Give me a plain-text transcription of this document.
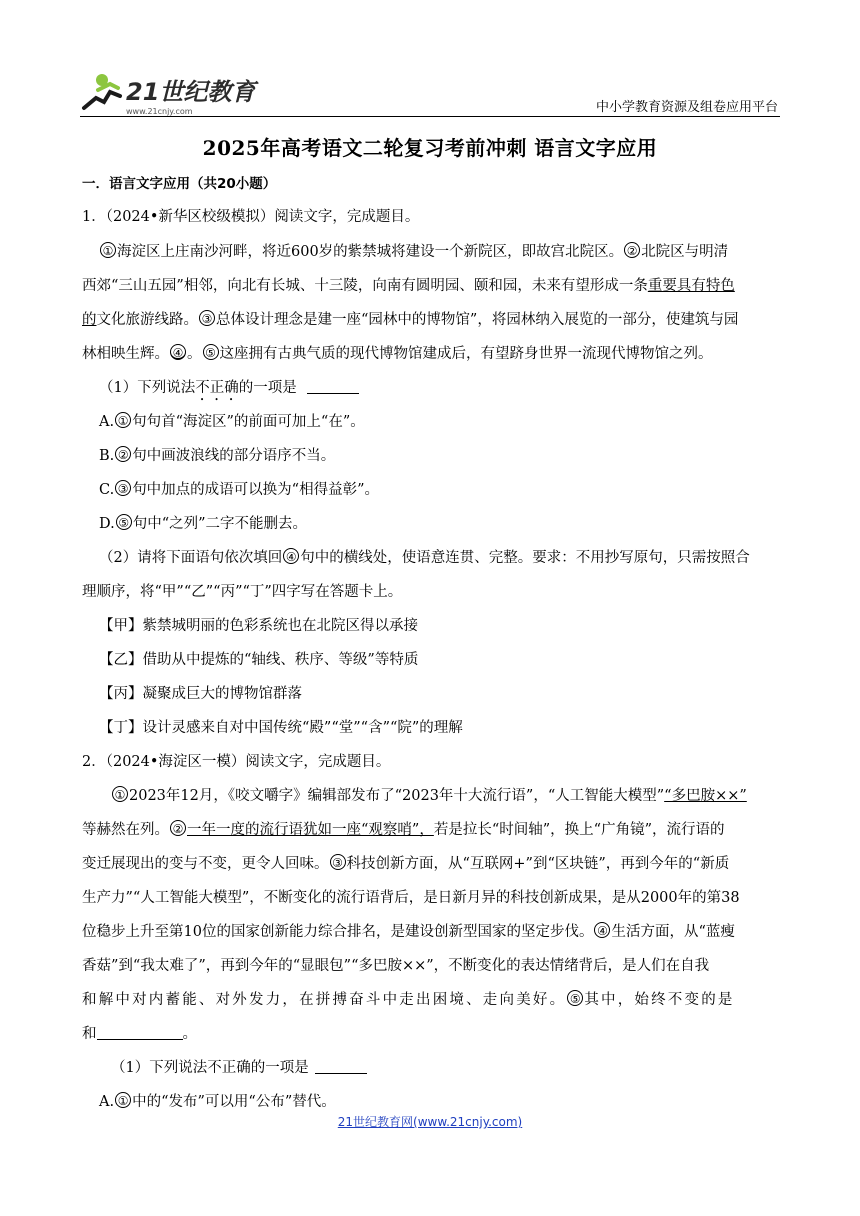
21世纪教育
www.21cnjy.com	中小学教育资源及组卷应用平台
2025年高考语文二轮复习考前冲刺 语言文字应用
一．语言文字应用（共20小题）
1．（2024•新华区校级模拟）阅读文字，完成题目。
① 海淀区上庄南沙河畔，将近600岁的紫禁城将建设一个新院区，即故宫北院区。 ② 北院区与明清
西郊“三山五园”相邻，向北有长城、十三陵，向南有圆明园、颐和园，未来有望形成一条重要具有特色
的文化旅游线路。 ③ 总体设计理念是建一座“园林中的博物馆”，将园林纳入展览的一部分，使建筑与园
林相映生辉。 ④ 。 ⑤ 这座拥有古典气质的现代博物馆建成后，有望跻身世界一流现代博物馆之列。
（1）下列说法不正确的一项是
A. ① 句句首“海淀区”的前面可加上“在”。
B. ② 句中画波浪线的部分语序不当。
C. ③ 句中加点的成语可以换为“相得益彰”。
D. ⑤ 句中“之列”二字不能删去。
（2）请将下面语句依次填回 ④ 句中的横线处，使语意连贯、完整。要求：不用抄写原句，只需按照合
理顺序，将“甲”“乙”“丙”“丁”四字写在答题卡上。
【甲】紫禁城明丽的色彩系统也在北院区得以承接
【乙】借助从中提炼的“轴线、秩序、等级”等特质
【丙】凝聚成巨大的博物馆群落
【丁】设计灵感来自对中国传统“殿”“堂”“含”“院”的理解
2．（2024•海淀区一模）阅读文字，完成题目。
① 2023年12月，《咬文嚼字》编辑部发布了“2023年十大流行语”，“人工智能大模型”“多巴胺××”
等赫然在列。 ② 一年一度的流行语犹如一座“观察哨”，若是拉长“时间轴”，换上“广角镜”，流行语的
变迁展现出的变与不变，更令人回味。 ③ 科技创新方面，从“互联网+”到“区块链”，再到今年的“新质
生产力”“人工智能大模型”，不断变化的流行语背后，是日新月异的科技创新成果，是从2000年的第38
位稳步上升至第10位的国家创新能力综合排名，是建设创新型国家的坚定步伐。 ④ 生活方面，从“蓝瘦
香菇”到“我太难了”，再到今年的“显眼包”“多巴胺××”，不断变化的表达情绪背后，是人们在自我
和解中对内蓄能、对外发力，在拼搏奋斗中走出困境、走向美好。 ⑤ 其中，始终不变的是
和	。
（1）下列说法不正确的一项是
A. ① 中的“发布”可以用“公布”替代。
21世纪教育网(www.21cnjy.com)
